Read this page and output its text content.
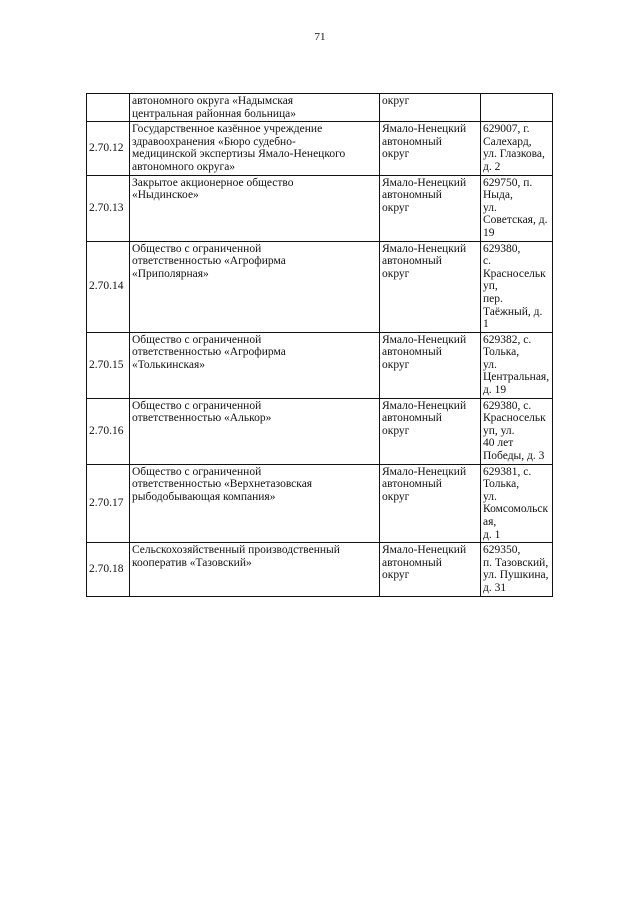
71
	автономного округа «Надымская
центральная районная больница»	округ	
2.70.12	Государственное казённое учреждение
здравоохранения «Бюро судебно-
медицинской экспертизы Ямало-Ненецкого
автономного округа»	Ямало-Ненецкий
автономный
округ	629007, г. Салехард,
ул. Глазкова, д. 2
2.70.13	Закрытое акционерное общество
«Ныдинское»	Ямало-Ненецкий
автономный
округ	629750, п. Ныда,
ул. Советская, д. 19
2.70.14	Общество с ограниченной
ответственностью «Агрофирма
«Приполярная»	Ямало-Ненецкий
автономный
округ	629380,
с. Красноселькуп,
пер. Таёжный, д. 1
2.70.15	Общество с ограниченной
ответственностью «Агрофирма
«Толькинская»	Ямало-Ненецкий
автономный
округ	629382, с. Толька,
ул. Центральная,
д. 19
2.70.16	Общество с ограниченной
ответственностью «Алькор»	Ямало-Ненецкий
автономный
округ	629380, с.
Красноселькуп, ул.
40 лет Победы, д. 3
2.70.17	Общество с ограниченной
ответственностью «Верхнетазовская
рыбодобывающая компания»	Ямало-Ненецкий
автономный
округ	629381, с. Толька,
ул. Комсомольская,
д. 1
2.70.18	Сельскохозяйственный производственный
кооператив «Тазовский»	Ямало-Ненецкий
автономный
округ	629350,
п. Тазовский,
ул. Пушкина, д. 31
